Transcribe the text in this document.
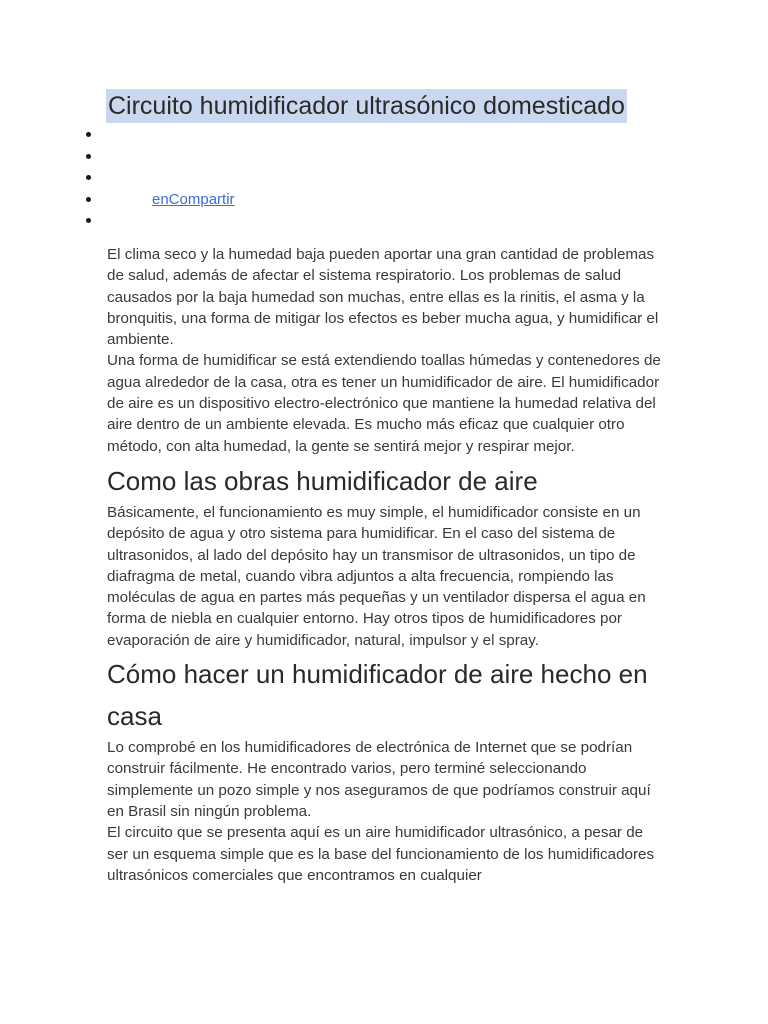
Circuito humidificador ultrasónico domesticado
enCompartir

El clima seco y la humedad baja pueden aportar una gran cantidad de problemas de salud, además de afectar el sistema respiratorio. Los problemas de salud causados por la baja humedad son muchas, entre ellas es la rinitis, el asma y la bronquitis, una forma de mitigar los efectos es beber mucha agua, y humidificar el ambiente.

Una forma de humidificar se está extendiendo toallas húmedas y contenedores de agua alrededor de la casa, otra es tener un humidificador de aire. El humidificador de aire es un dispositivo electro-electrónico que mantiene la humedad relativa del aire dentro de un ambiente elevada. Es mucho más eficaz que cualquier otro método, con alta humedad, la gente se sentirá mejor y respirar mejor.

Como las obras humidificador de aire

Básicamente, el funcionamiento es muy simple, el humidificador consiste en un depósito de agua y otro sistema para humidificar. En el caso del sistema de ultrasonidos, al lado del depósito hay un transmisor de ultrasonidos, un tipo de diafragma de metal, cuando vibra adjuntos a alta frecuencia, rompiendo las moléculas de agua en partes más pequeñas y un ventilador dispersa el agua en forma de niebla en cualquier entorno. Hay otros tipos de humidificadores por evaporación de aire y humidificador, natural, impulsor y el spray.

Cómo hacer un humidificador de aire hecho en casa

Lo comprobé en los humidificadores de electrónica de Internet que se podrían construir fácilmente. He encontrado varios, pero terminé seleccionando simplemente un pozo simple y nos aseguramos de que podríamos construir aquí en Brasil sin ningún problema.

El circuito que se presenta aquí es un aire humidificador ultrasónico, a pesar de ser un esquema simple que es la base del funcionamiento de los humidificadores ultrasónicos comerciales que encontramos en cualquier
